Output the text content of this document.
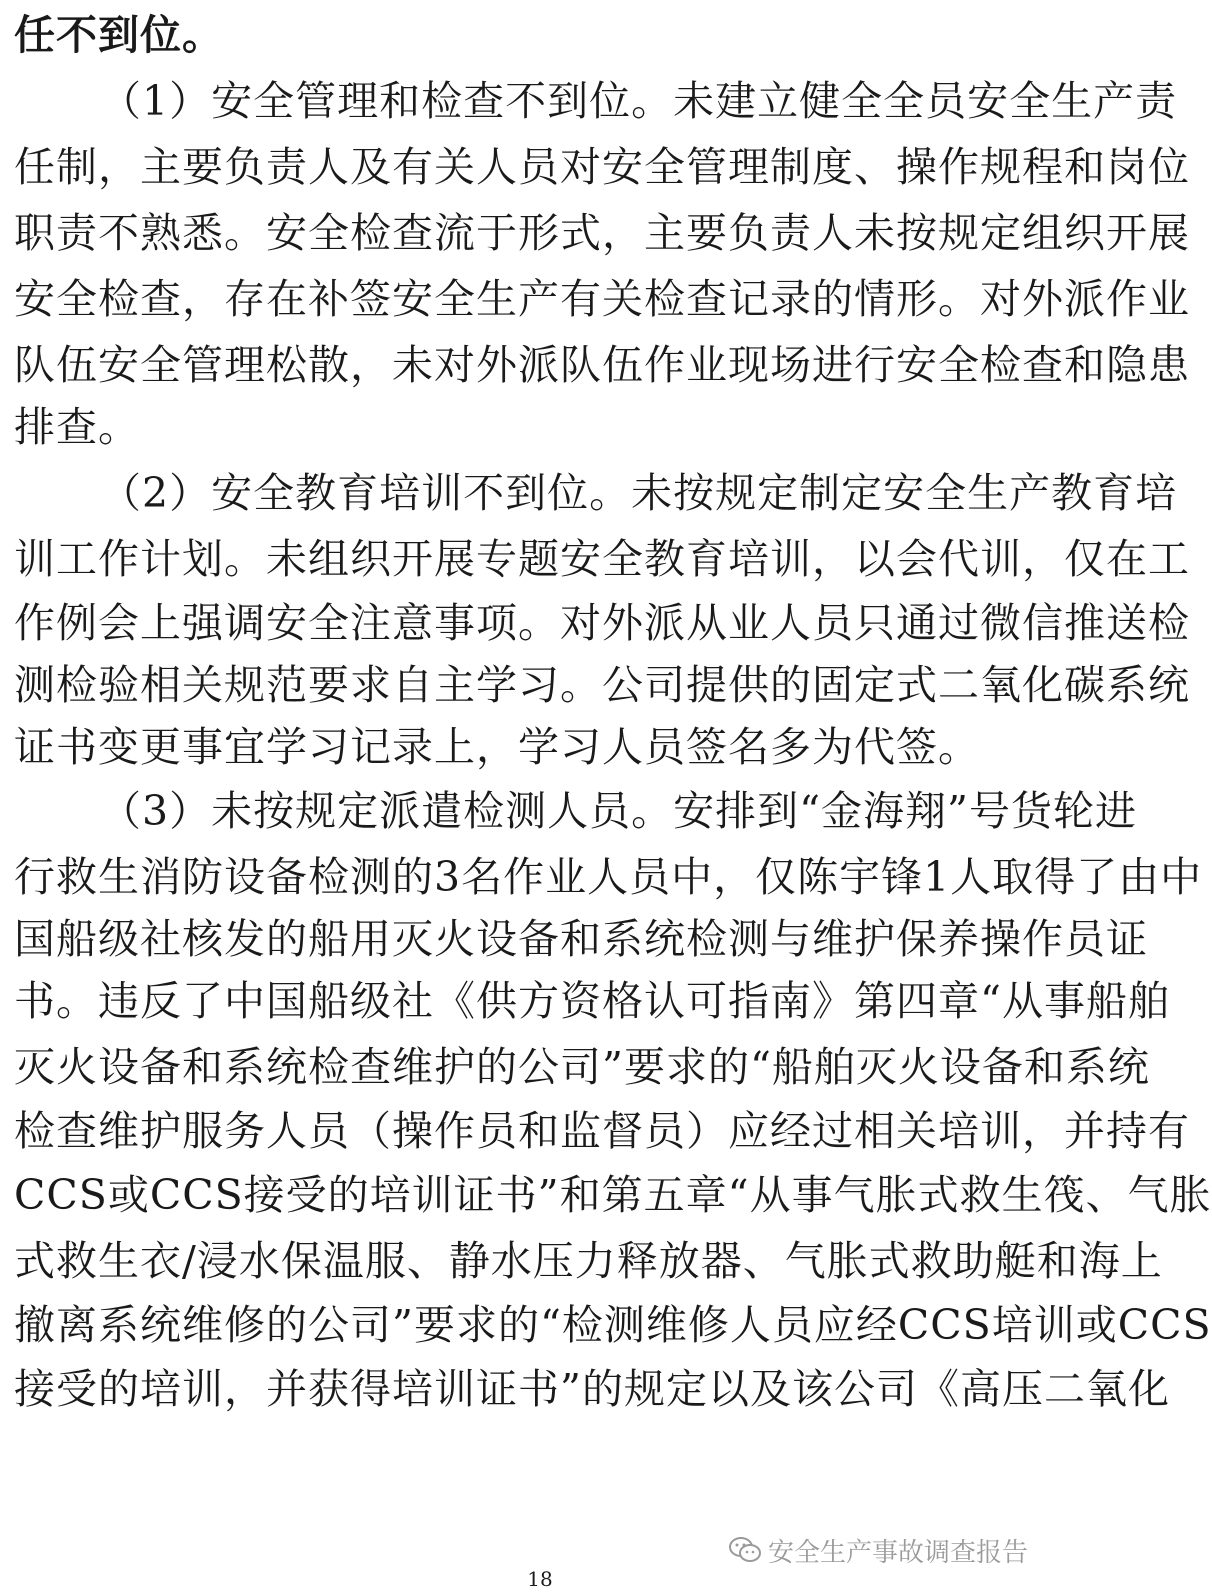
任不到位。
（1）安全管理和检查不到位。未建立健全全员安全生产责
任制，主要负责人及有关人员对安全管理制度、操作规程和岗位
职责不熟悉。安全检查流于形式，主要负责人未按规定组织开展
安全检查，存在补签安全生产有关检查记录的情形。对外派作业
队伍安全管理松散，未对外派队伍作业现场进行安全检查和隐患
排查。
（2）安全教育培训不到位。未按规定制定安全生产教育培
训工作计划。未组织开展专题安全教育培训，以会代训，仅在工
作例会上强调安全注意事项。对外派从业人员只通过微信推送检
测检验相关规范要求自主学习。公司提供的固定式二氧化碳系统
证书变更事宜学习记录上，学习人员签名多为代签。
（3）未按规定派遣检测人员。安排到“金海翔”号货轮进
行救生消防设备检测的3名作业人员中，仅陈宇锋1人取得了由中
国船级社核发的船用灭火设备和系统检测与维护保养操作员证
书。违反了中国船级社《供方资格认可指南》第四章“从事船舶
灭火设备和系统检查维护的公司”要求的“船舶灭火设备和系统
检查维护服务人员（操作员和监督员）应经过相关培训，并持有
CCS或CCS接受的培训证书”和第五章“从事气胀式救生筏、气胀
式救生衣/浸水保温服、静水压力释放器、气胀式救助艇和海上
撤离系统维修的公司”要求的“检测维修人员应经CCS培训或CCS
接受的培训，并获得培训证书”的规定以及该公司《高压二氧化
安全生产事故调查报告
18
